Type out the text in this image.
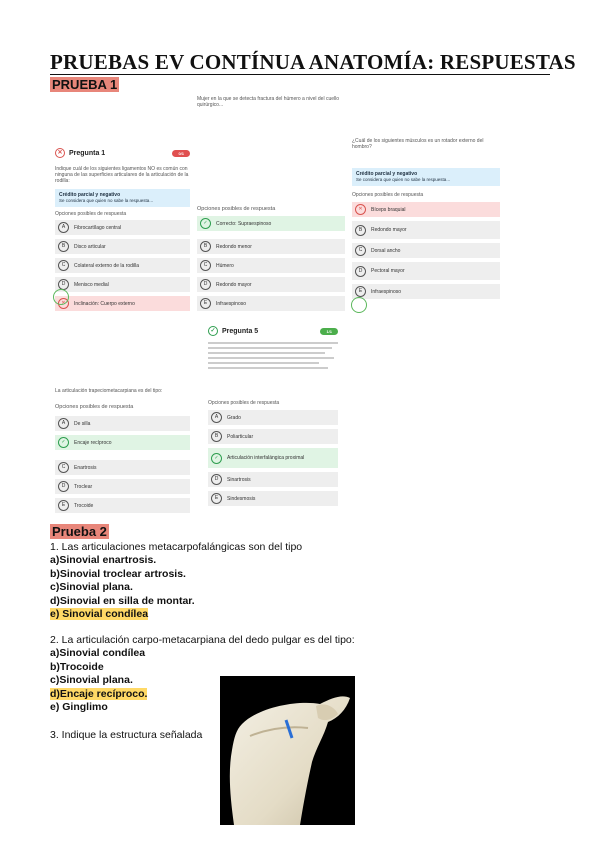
PRUEBAS EV CONTÍNUA ANATOMÍA: RESPUESTAS
PRUEBA 1
✕ Pregunta 1	0/1
Indique cuál de los siguientes ligamentos NO es común con ninguna de las superficies articulares de la articulación de la rodilla:
Crédito parcial y negativo
Se considera que quien no sabe la respuesta...
Opciones posibles de respuesta
A	Fibrocartílago central
B	Disco articular
C	Colateral externo de la rodilla
D	Menisco medial
✕	Inclinación: Cuerpo externo
La articulación trapeciometacarpiana es del tipo:
Opciones posibles de respuesta
A	De silla
✓	Encaje recíproco
C	Enartrosis
D	Troclear
E	Trocoide
Mujer en la que se detecta fractura del húmero a nivel del cuello quirúrgico...
Opciones posibles de respuesta
✓	Correcto: Supraespinoso
B	Redondo menor
C	Húmero
D	Redondo mayor
E	Infraespinoso
✓ Pregunta 5	1/1
Opciones posibles de respuesta
A	Grado
B	Poliarticular
✓	Articulación interfalángica proximal
D	Sinartrosis
E	Sindesmosis
¿Cuál de los siguientes músculos es un rotador externo del hombro?
Crédito parcial y negativo
Se considera que quien no sabe la respuesta...
Opciones posibles de respuesta
✕	Bíceps braquial
B	Redondo mayor
C	Dorsal ancho
D	Pectoral mayor
E	Infraespinoso
Prueba 2
1. Las articulaciones metacarpofalángicas son del tipo
a)Sinovial enartrosis.
b)Sinovial troclear artrosis.
c)Sinovial plana.
d)Sinovial en silla de montar.
e) Sinovial condílea
2. La articulación carpo-metacarpiana del dedo pulgar es del tipo:
a)Sinovial condílea
b)Trocoide
c)Sinovial plana.
d)Encaje recíproco.
e) Ginglimo
3. Indique la estructura señalada
